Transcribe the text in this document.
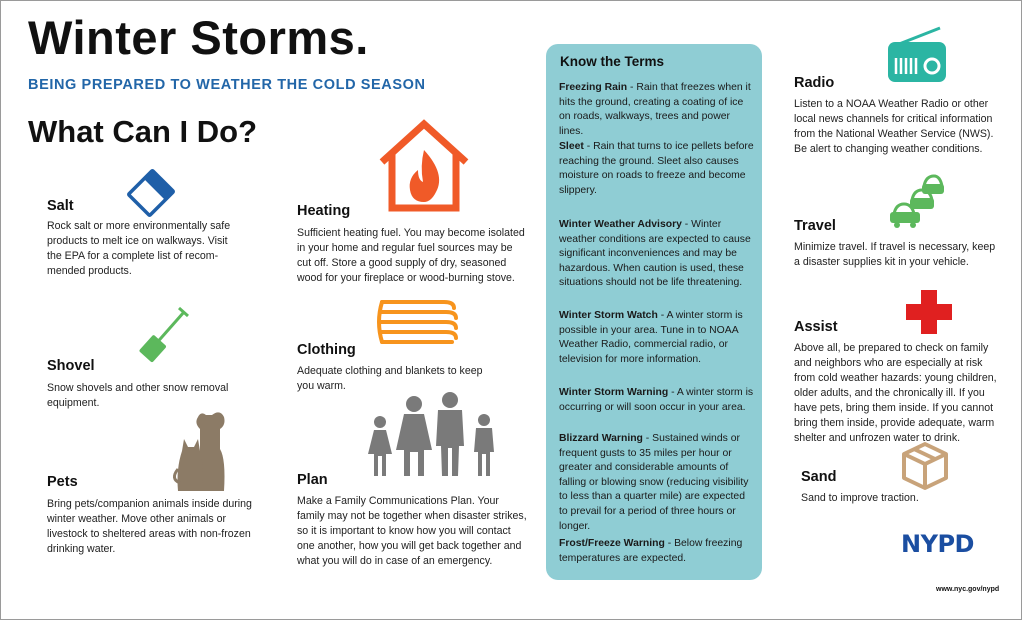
Winter Storms.
BEING PREPARED TO WEATHER THE COLD SEASON
What Can I Do?
Salt
Rock salt or more environmentally safe products to melt ice on walkways. Visit the EPA for a complete list of recom-mended products.
Shovel
Snow shovels and other snow removal equipment.
Pets
Bring pets/companion animals inside during winter weather. Move other animals or livestock to sheltered areas with non-frozen drinking water.
Heating
Sufficient heating fuel. You may become isolated in your home and regular fuel sources may be cut off. Store a good supply of dry, seasoned wood for your fireplace or wood-burning stove.
Clothing
Adequate clothing and blankets to keep you warm.
Plan
Make a Family Communications Plan. Your family may not be together when disaster strikes, so it is important to know how you will contact one another, how you will get back together and what you will do in case of an emergency.
Know the Terms
Freezing Rain - Rain that freezes when it hits the ground, creating a coating of ice on roads, walkways, trees and power lines.
Sleet - Rain that turns to ice pellets before reaching the ground. Sleet also causes moisture on roads to freeze and become slippery.
Winter Weather Advisory - Winter weather conditions are expected to cause significant inconveniences and may be hazardous. When caution is used, these situations should not be life threatening.
Winter Storm Watch - A winter storm is possible in your area. Tune in to NOAA Weather Radio, commercial radio, or television for more information.
Winter Storm Warning - A winter storm is occurring or will soon occur in your area.
Blizzard Warning - Sustained winds or frequent gusts to 35 miles per hour or greater and considerable amounts of falling or blowing snow (reducing visibility to less than a quarter mile) are expected to prevail for a period of three hours or longer.
Frost/Freeze Warning - Below freezing temperatures are expected.
Radio
Listen to a NOAA Weather Radio or other local news channels for critical information from the National Weather Service (NWS). Be alert to changing weather conditions.
Travel
Minimize travel. If travel is necessary, keep a disaster supplies kit in your vehicle.
Assist
Above all, be prepared to check on family and neighbors who are especially at risk from cold weather hazards: young children, older adults, and the chronically ill. If you have pets, bring them inside. If you cannot bring them inside, provide adequate, warm shelter and unfrozen water to drink.
Sand
Sand to improve traction.
NYPD
www.nyc.gov/nypd
